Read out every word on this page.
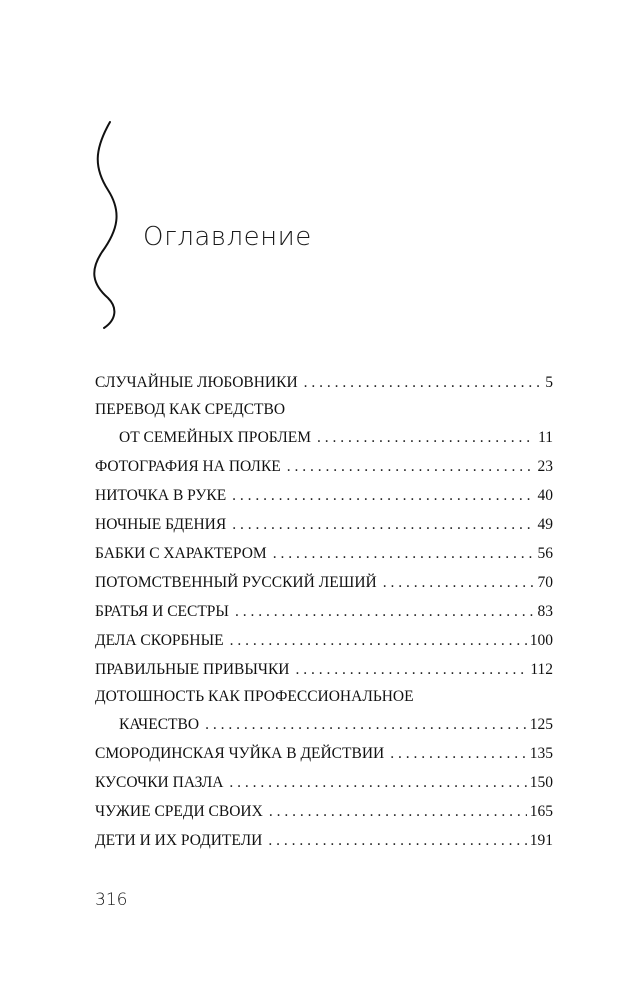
Оглавление
СЛУЧАЙНЫЕ ЛЮБОВНИКИ . . .	5
ПЕРЕВОД КАК СРЕДСТВО
ОТ СЕМЕЙНЫХ ПРОБЛЕМ . . .	11
ФОТОГРАФИЯ НА ПОЛКЕ . . .	23
НИТОЧКА В РУКЕ . . .	40
НОЧНЫЕ БДЕНИЯ . . .	49
БАБКИ С ХАРАКТЕРОМ . . .	56
ПОТОМСТВЕННЫЙ РУССКИЙ ЛЕШИЙ . . .	70
БРАТЬЯ И СЕСТРЫ . . .	83
ДЕЛА СКОРБНЫЕ . . .	100
ПРАВИЛЬНЫЕ ПРИВЫЧКИ . . .	112
ДОТОШНОСТЬ КАК ПРОФЕССИОНАЛЬНОЕ
КАЧЕСТВО . . .	125
СМОРОДИНСКАЯ ЧУЙКА В ДЕЙСТВИИ . . .	135
КУСОЧКИ ПАЗЛА . . .	150
ЧУЖИЕ СРЕДИ СВОИХ . . .	165
ДЕТИ И ИХ РОДИТЕЛИ . . .	191
316
